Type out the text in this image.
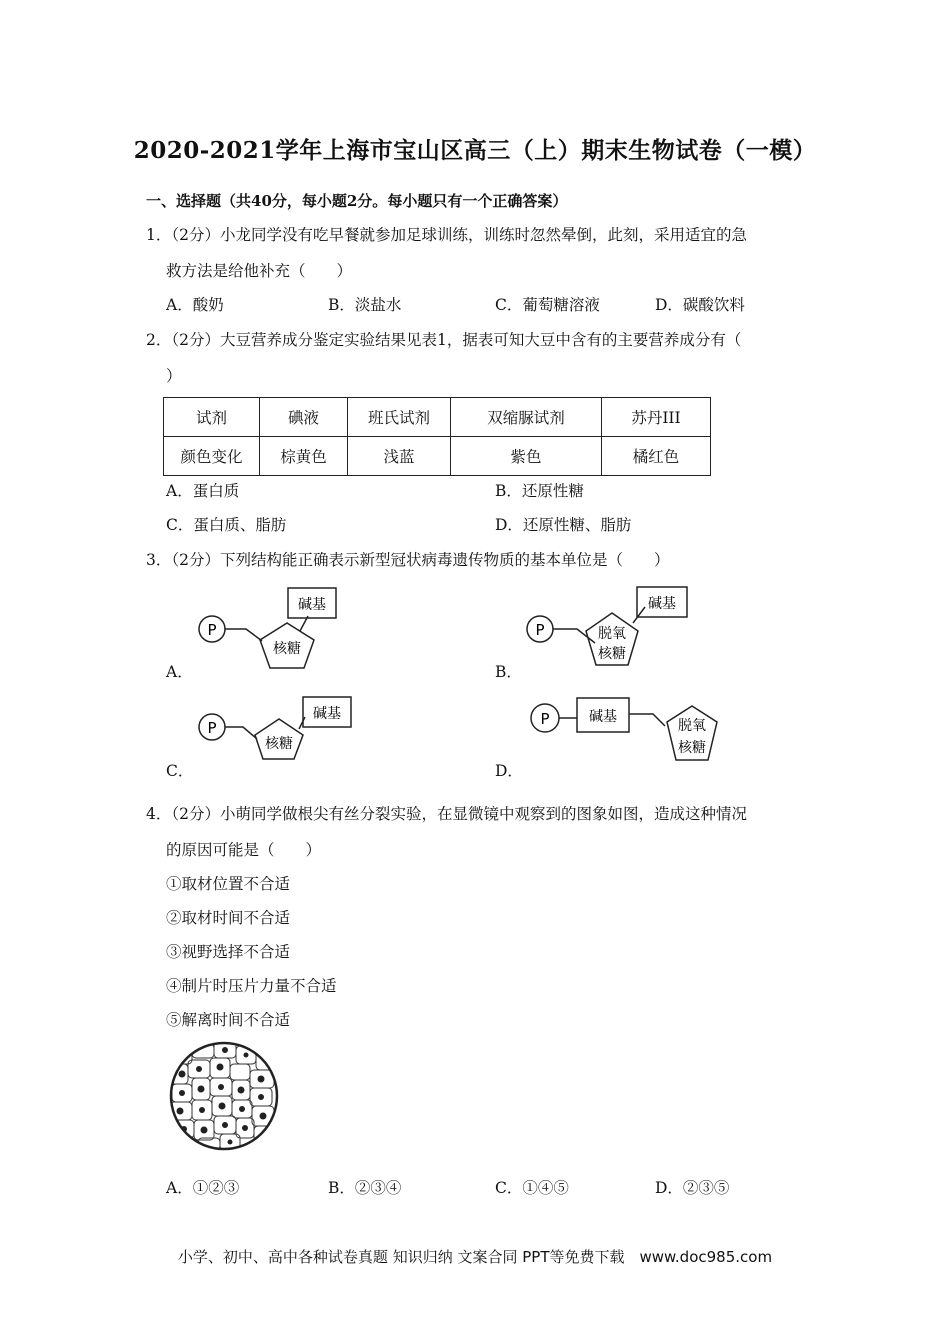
2020-2021学年上海市宝山区高三（上）期末生物试卷（一模）
一、选择题（共40分，每小题2分。每小题只有一个正确答案）
1．（2分）小龙同学没有吃早餐就参加足球训练，训练时忽然晕倒，此刻，采用适宜的急
救方法是给他补充（　　）
A．酸奶	B．淡盐水	C．葡萄糖溶液	D．碳酸饮料
2．（2分）大豆营养成分鉴定实验结果见表1，据表可知大豆中含有的主要营养成分有（
）
试剂	碘液	班氏试剂	双缩脲试剂	苏丹III
颜色变化	棕黄色	浅蓝	紫色	橘红色
A．蛋白质	B．还原性糖
C．蛋白质、脂肪	D．还原性糖、脂肪
3．（2分）下列结构能正确表示新型冠状病毒遗传物质的基本单位是（　　）
P
核糖
碱基
A．
P	脱氧
核糖
碱基
B．
P
核糖
碱基
C．
P	碱基
脱氧
核糖
D．
4．（2分）小萌同学做根尖有丝分裂实验，在显微镜中观察到的图象如图，造成这种情况
的原因可能是（　　）
①取材位置不合适
②取材时间不合适
③视野选择不合适
④制片时压片力量不合适
⑤解离时间不合适
A．①②③	B．②③④	C．①④⑤	D．②③⑤
小学、初中、高中各种试卷真题 知识归纳 文案合同 PPT等免费下载　www.doc985.com
